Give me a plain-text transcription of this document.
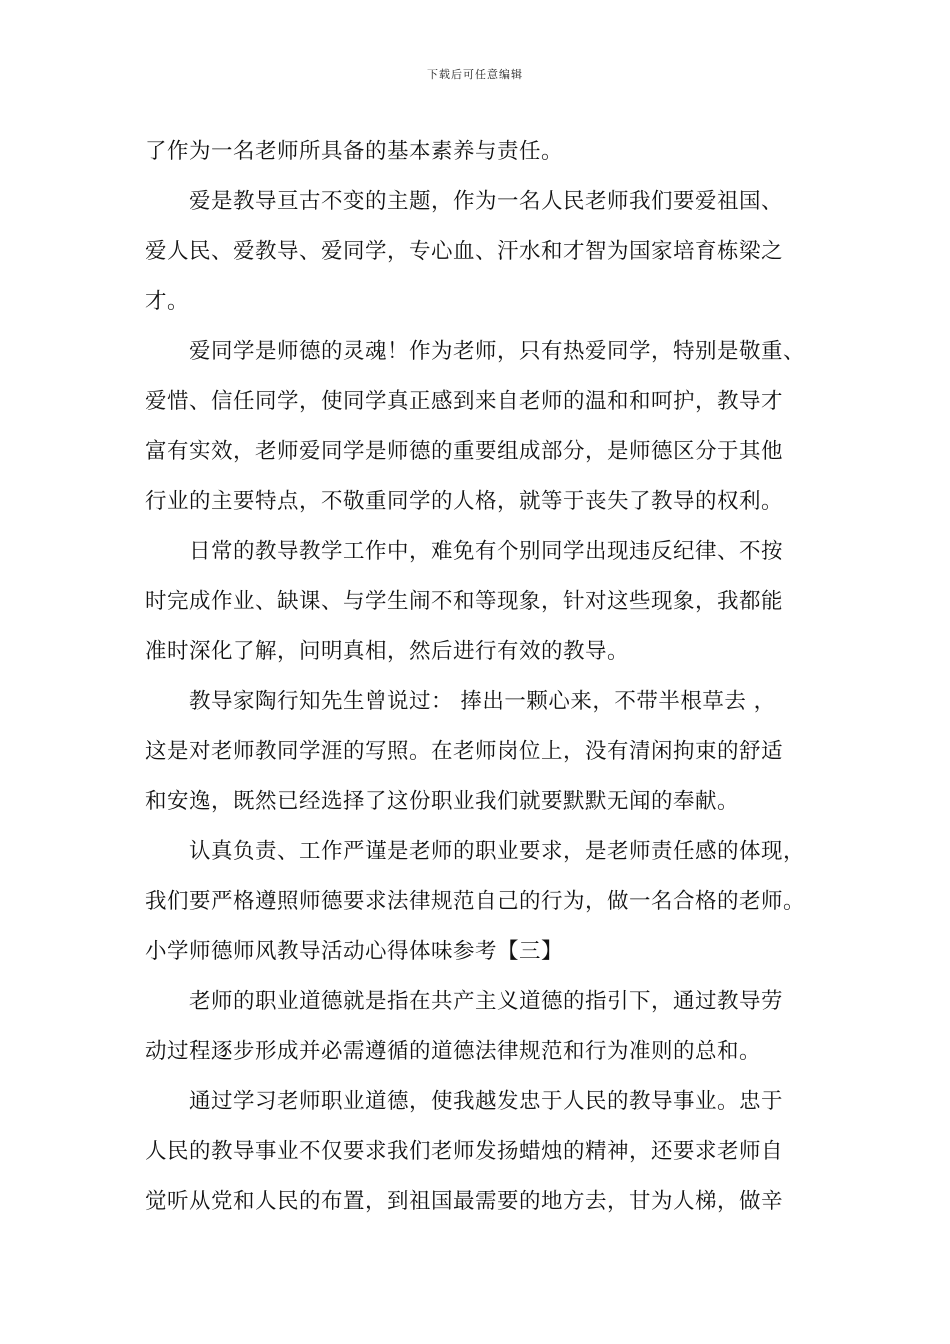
下载后可任意编辑
了作为一名老师所具备的基本素养与责任。
爱是教导亘古不变的主题，作为一名人民老师我们要爱祖国、
爱人民、爱教导、爱同学，专心血、汗水和才智为国家培育栋梁之
才。
爱同学是师德的灵魂！作为老师，只有热爱同学，特别是敬重、
爱惜、信任同学，使同学真正感到来自老师的温和和呵护，教导才
富有实效，老师爱同学是师德的重要组成部分，是师德区分于其他
行业的主要特点，不敬重同学的人格，就等于丧失了教导的权利。
日常的教导教学工作中，难免有个别同学出现违反纪律、不按
时完成作业、缺课、与学生闹不和等现象，针对这些现象，我都能
准时深化了解，问明真相，然后进行有效的教导。
教导家陶行知先生曾说过： 捧出一颗心来，不带半根草去 ，
这是对老师教同学涯的写照。在老师岗位上，没有清闲拘束的舒适
和安逸，既然已经选择了这份职业我们就要默默无闻的奉献。
认真负责、工作严谨是老师的职业要求，是老师责任感的体现，
我们要严格遵照师德要求法律规范自己的行为，做一名合格的老师。
小学师德师风教导活动心得体味参考【三】
老师的职业道德就是指在共产主义道德的指引下，通过教导劳
动过程逐步形成并必需遵循的道德法律规范和行为准则的总和。
通过学习老师职业道德，使我越发忠于人民的教导事业。忠于
人民的教导事业不仅要求我们老师发扬蜡烛的精神，还要求老师自
觉听从党和人民的布置，到祖国最需要的地方去，甘为人梯，做辛
